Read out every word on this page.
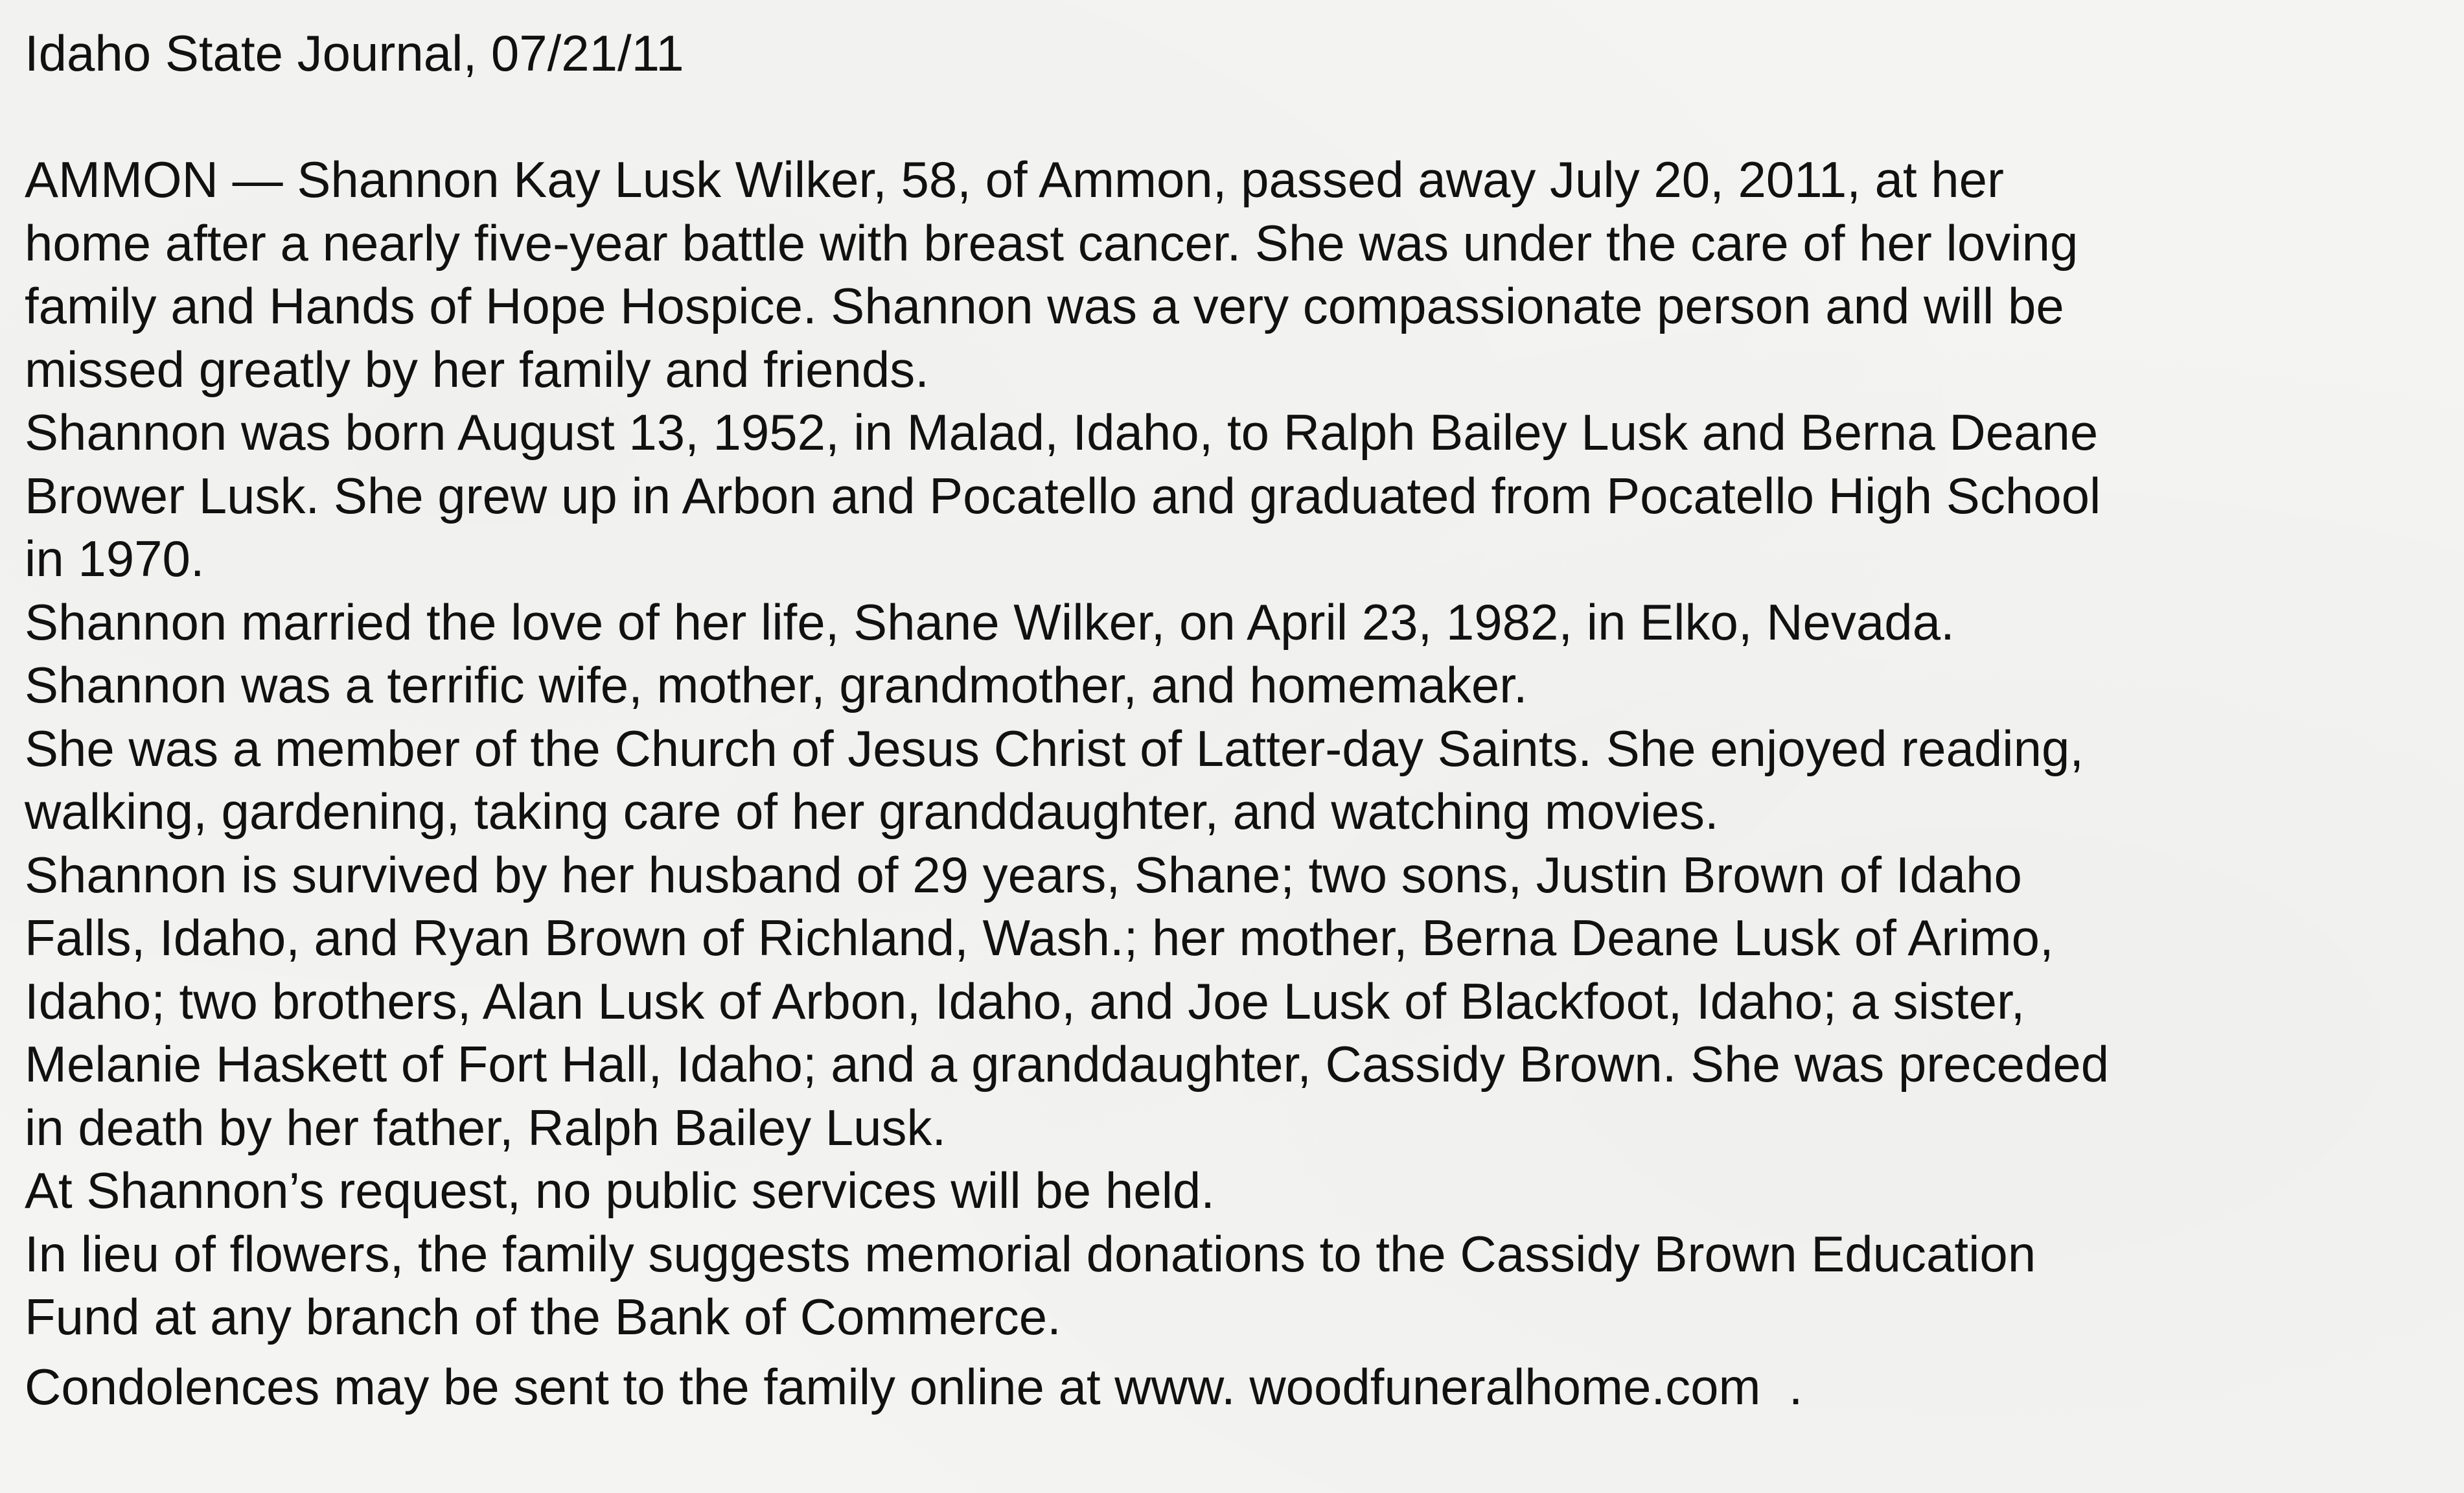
Idaho State Journal, 07/21/11
AMMON — Shannon Kay Lusk Wilker, 58, of Ammon, passed away July 20, 2011, at her
home after a nearly five-year battle with breast cancer. She was under the care of her loving
family and Hands of Hope Hospice. Shannon was a very compassionate person and will be
missed greatly by her family and friends.
Shannon was born August 13, 1952, in Malad, Idaho, to Ralph Bailey Lusk and Berna Deane
Brower Lusk. She grew up in Arbon and Pocatello and graduated from Pocatello High School
in 1970.
Shannon married the love of her life, Shane Wilker, on April 23, 1982, in Elko, Nevada.
Shannon was a terrific wife, mother, grandmother, and homemaker.
She was a member of the Church of Jesus Christ of Latter-day Saints. She enjoyed reading,
walking, gardening, taking care of her granddaughter, and watching movies.
Shannon is survived by her husband of 29 years, Shane; two sons, Justin Brown of Idaho
Falls, Idaho, and Ryan Brown of Richland, Wash.; her mother, Berna Deane Lusk of Arimo,
Idaho; two brothers, Alan Lusk of Arbon, Idaho, and Joe Lusk of Blackfoot, Idaho; a sister,
Melanie Haskett of Fort Hall, Idaho; and a granddaughter, Cassidy Brown. She was preceded
in death by her father, Ralph Bailey Lusk.
At Shannon’s request, no public services will be held.
In lieu of flowers, the family suggests memorial donations to the Cassidy Brown Education
Fund at any branch of the Bank of Commerce.
Condolences may be sent to the family online at www. woodfuneralhome.com  .
